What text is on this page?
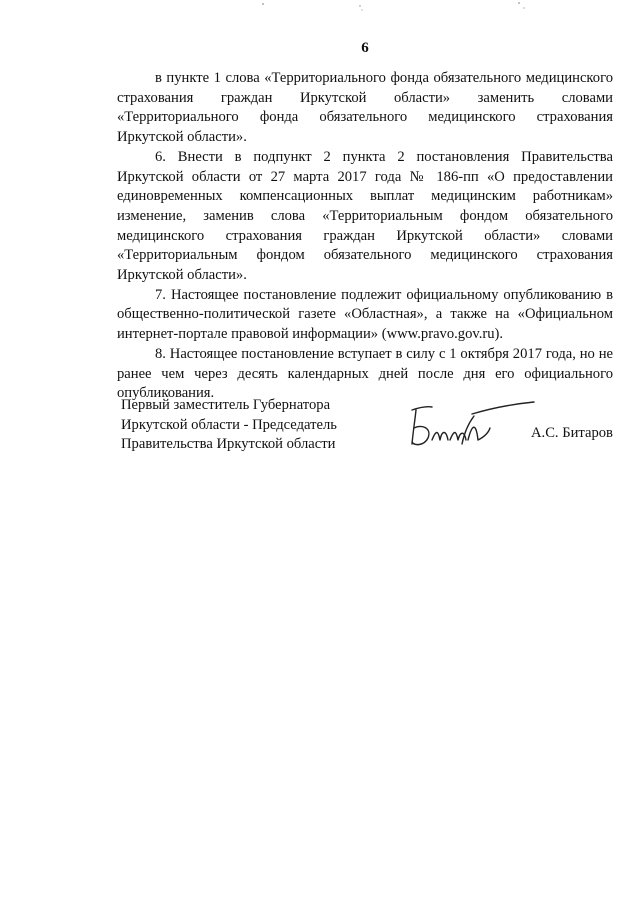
6

в пункте 1 слова «Территориального фонда обязательного медицинского страхования граждан Иркутской области» заменить словами «Территориального фонда обязательного медицинского страхования Иркутской области».

6. Внести в подпункт 2 пункта 2 постановления Правительства Иркутской области от 27 марта 2017 года № 186-пп «О предоставлении единовременных компенсационных выплат медицинским работникам» изменение, заменив слова «Территориальным фондом обязательного медицинского страхования граждан Иркутской области» словами «Территориальным фондом обязательного медицинского страхования Иркутской области».

7. Настоящее постановление подлежит официальному опубликованию в общественно-политической газете «Областная», а также на «Официальном интернет-портале правовой информации» (www.pravo.gov.ru).

8. Настоящее постановление вступает в силу с 1 октября 2017 года, но не ранее чем через десять календарных дней после дня его официального опубликования.

Первый заместитель Губернатора
Иркутской области - Председатель
Правительства Иркутской области
А.С. Битаров
